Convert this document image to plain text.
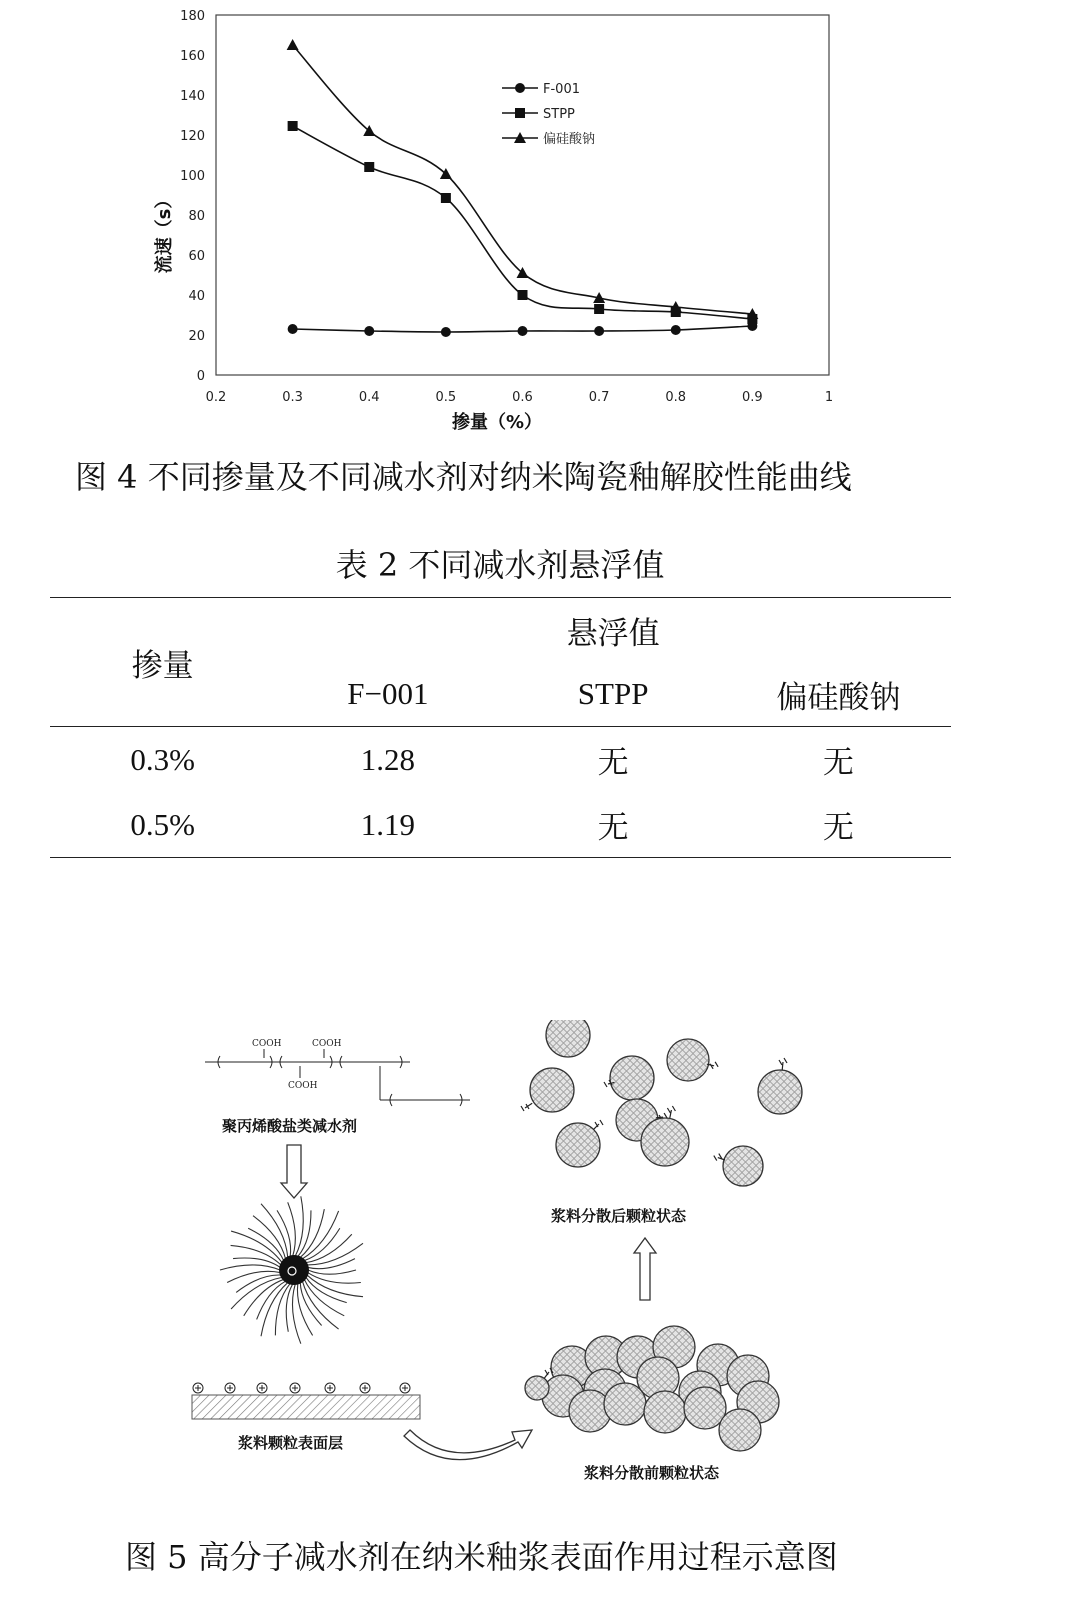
0.2	0.3	0.4	0.5	0.6	0.7	0.8	0.9	1
0
20
40
60
80
100
120
140
160
180
F-001
STPP
偏硅酸钠
掺量（%）
流速（s）
图 4 不同掺量及不同减水剂对纳米陶瓷釉解胶性能曲线
表 2 不同减水剂悬浮值
掺量	悬浮值		
	F−001	STPP	偏硅酸钠
0.3%	1.28	无	无
0.5%	1.19	无	无
COOH	COOH
COOH
聚丙烯酸盐类减水剂
浆料分散后颗粒状态
浆料颗粒表面层
浆料分散前颗粒状态
图 5 高分子减水剂在纳米釉浆表面作用过程示意图
